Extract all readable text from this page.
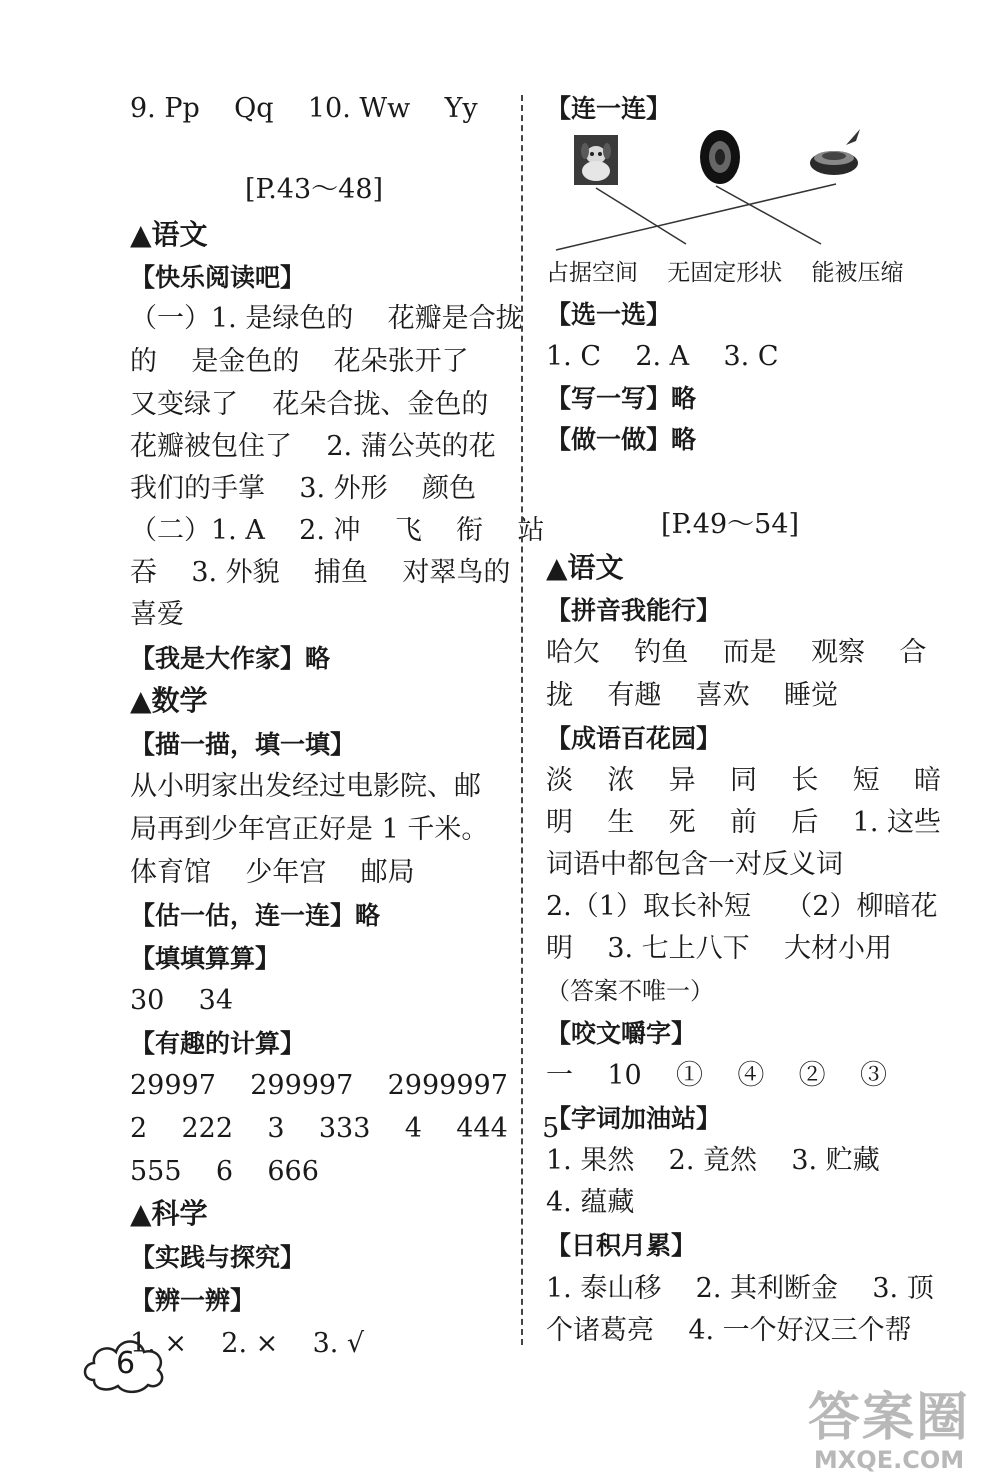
9. Pp    Qq    10. Ww    Yy
[P.43～48]
▲语文
【快乐阅读吧】
（一）1. 是绿色的    花瓣是合拢
的    是金色的    花朵张开了
又变绿了    花朵合拢、金色的
花瓣被包住了    2. 蒲公英的花
我们的手掌    3. 外形    颜色
（二）1. A    2. 冲    飞    衔    站
吞    3. 外貌    捕鱼    对翠鸟的
喜爱
【我是大作家】略
▲数学
【描一描，填一填】
从小明家出发经过电影院、邮
局再到少年宫正好是 1 千米。
体育馆    少年宫    邮局
【估一估，连一连】略
【填填算算】
30    34
【有趣的计算】
29997    299997    2999997
2    222    3    333    4    444    5
555    6    666
▲科学
【实践与探究】
【辨一辨】
1. ×    2. ×    3. √
【连一连】
占据空间    无固定形状    能被压缩
【选一选】
1. C    2. A    3. C
【写一写】略
【做一做】略
[P.49～54]
▲语文
【拼音我能行】
哈欠    钓鱼    而是    观察    合
拢    有趣    喜欢    睡觉
【成语百花园】
淡    浓    异    同    长    短    暗
明    生    死    前    后    1. 这些
词语中都包含一对反义词
2.（1）取长补短    （2）柳暗花
明    3. 七上八下    大材小用
（答案不唯一）
【咬文嚼字】
一    10    ①    ④    ②    ③
【字词加油站】
1. 果然    2. 竟然    3. 贮藏
4. 蕴藏
【日积月累】
1. 泰山移    2. 其利断金    3. 顶
个诸葛亮    4. 一个好汉三个帮
6
答案圈
MXQE.COM
